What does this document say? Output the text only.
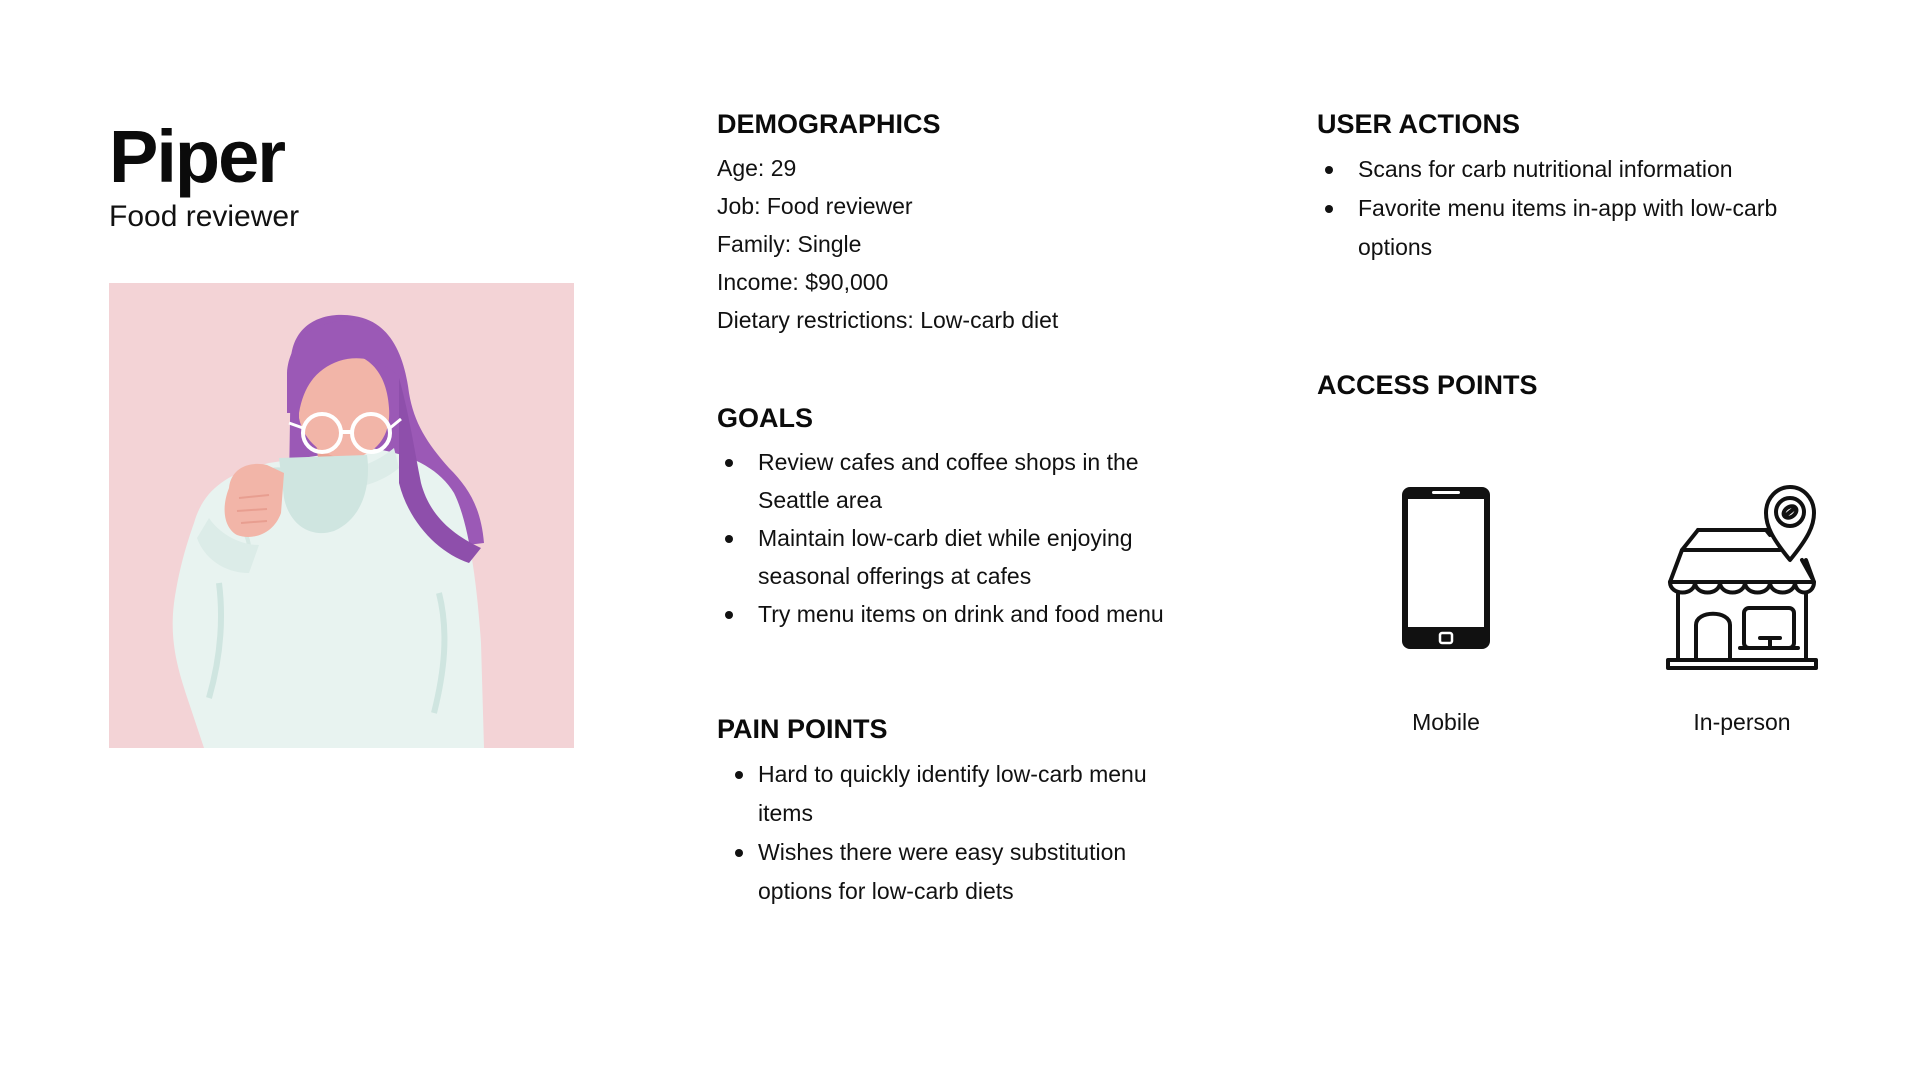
Piper

Food reviewer

DEMOGRAPHICS
Age: 29
Job: Food reviewer
Family: Single
Income: $90,000
Dietary restrictions: Low-carb diet
GOALS
Review cafes and coffee shops in the Seattle area
Maintain low-carb diet while enjoying seasonal offerings at cafes
Try menu items on drink and food menu
PAIN POINTS
Hard to quickly identify low-carb menu items
Wishes there were easy substitution options for low-carb diets
USER ACTIONS
Scans for carb nutritional information
Favorite menu items in-app with low-carb options
ACCESS POINTS

Mobile	In-person
